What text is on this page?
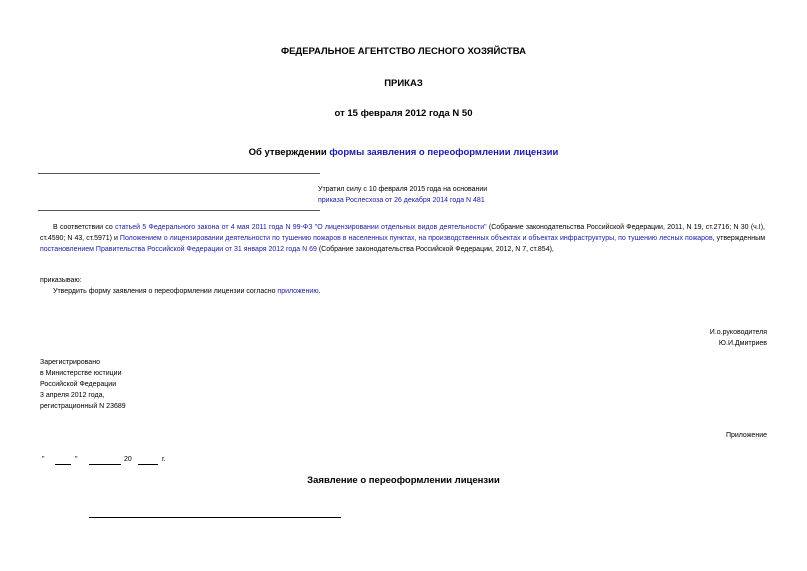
ФЕДЕРАЛЬНОЕ АГЕНТСТВО ЛЕСНОГО ХОЗЯЙСТВА
ПРИКАЗ
от 15 февраля 2012 года N 50
Об утверждении формы заявления о переоформлении лицензии
Утратил силу с 10 февраля 2015 года на основании
приказа Рослесхоза от 26 декабря 2014 года N 481
В соответствии со статьей 5 Федерального закона от 4 мая 2011 года N 99-ФЗ "О лицензировании отдельных видов деятельности" (Собрание законодательства Российской Федерации, 2011, N 19, ст.2716; N 30 (ч.I), ст.4590; N 43, ст.5971) и Положением о лицензировании деятельности по тушению пожаров в населенных пунктах, на производственных объектах и объектах инфраструктуры, по тушению лесных пожаров, утвержденным постановлением Правительства Российской Федерации от 31 января 2012 года N 69 (Собрание законодательства Российской Федерации, 2012, N 7, ст.854),
приказываю:
Утвердить форму заявления о переоформлении лицензии согласно приложению.
И.о.руководителя
Ю.И.Дмитриев
Зарегистрировано
в Министерстве юстиции
Российской Федерации
3 апреля 2012 года,
регистрационный N 23689
Приложение
"	"	20	г.
Заявление о переоформлении лицензии
